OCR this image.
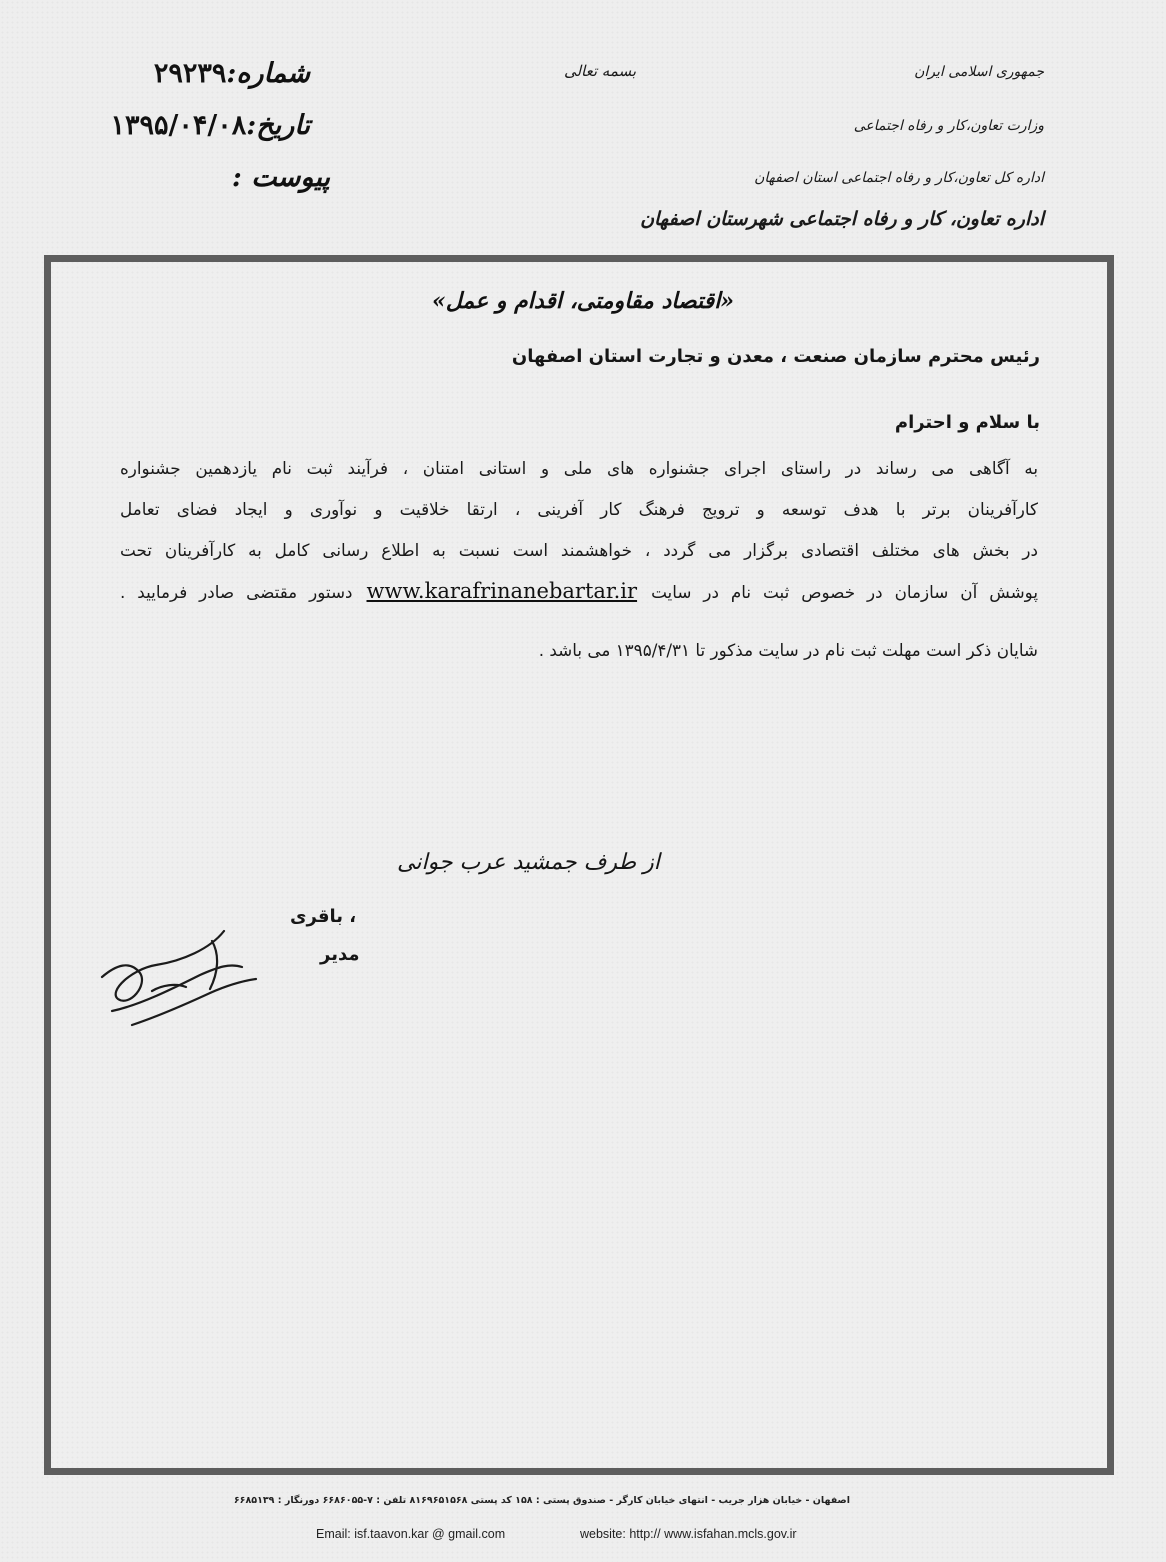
شماره:۲۹۲۳۹
تاریخ:۱۳۹۵/۰۴/۰۸
پیوست :
بسمه تعالی	جمهوری اسلامی ایران
وزارت تعاون،کار و رفاه اجتماعی
اداره کل تعاون،کار و رفاه اجتماعی استان اصفهان
اداره تعاون، کار و رفاه اجتماعی شهرستان اصفهان
«اقتصاد مقاومتی، اقدام و عمل»
رئیس محترم سازمان صنعت ، معدن و تجارت استان اصفهان
با سلام و احترام
به آگاهی می رساند در راستای اجرای جشنواره های ملی و استانی امتنان ، فرآیند ثبت نام یازدهمین جشنواره
کارآفرینان برتر با هدف توسعه و ترویج فرهنگ کار آفرینی ، ارتقا خلاقیت و نوآوری و ایجاد فضای تعامل
در بخش های مختلف اقتصادی برگزار می گردد ، خواهشمند است نسبت به اطلاع رسانی کامل به کارآفرینان تحت
پوشش آن سازمان در خصوص ثبت نام در سایتwww.karafrinanebartar.irدستور مقتضی صادر فرمایید .
شایان ذکر است مهلت ثبت نام در سایت مذکور تا ۱۳۹۵/۴/۳۱ می باشد .
از طرف جمشید عرب جوانی
، باقری
مدیر
اصفهان - خیابان هزار جریب - انتهای خیابان کارگر - صندوق پستی : ۱۵۸ کد پستی ۸۱۶۹۶۵۱۵۶۸ تلفن : ۷-۶۶۸۶۰۵۵ دورنگار : ۶۶۸۵۱۳۹
Email: isf.taavon.kar @ gmail.com	website: http:// www.isfahan.mcls.gov.ir
